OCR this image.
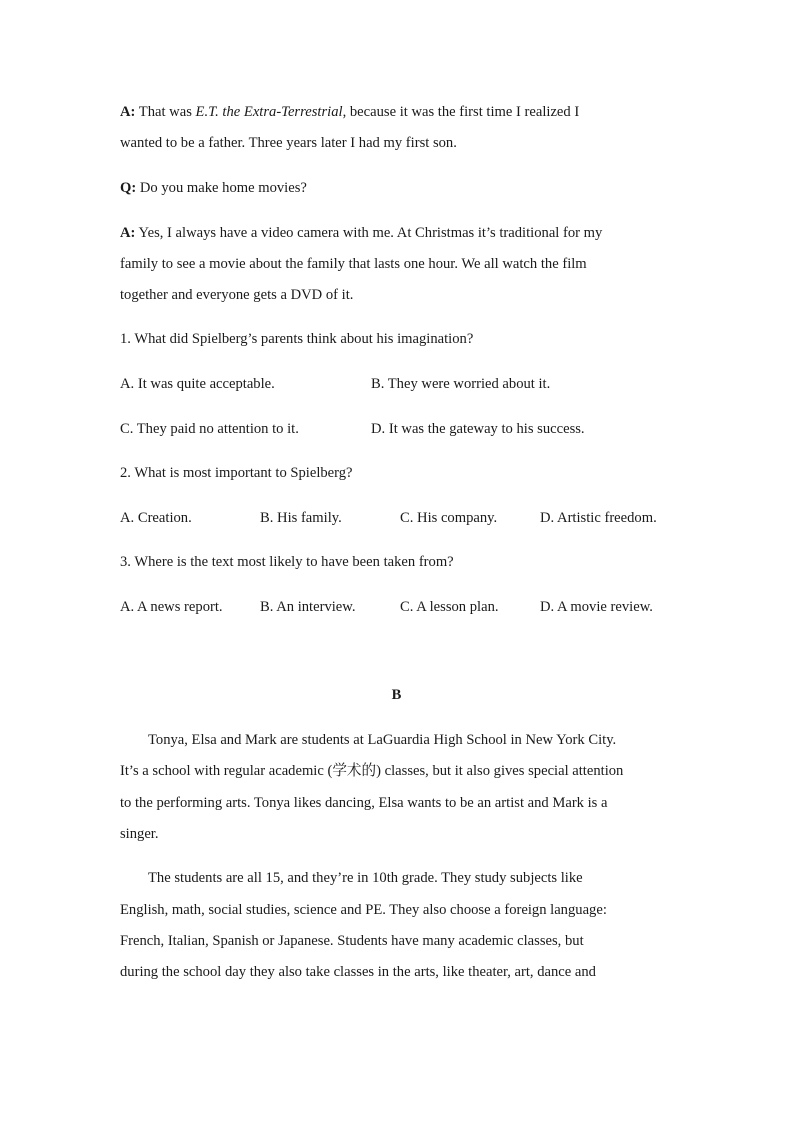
A: That was E.T. the Extra-Terrestrial, because it was the first time I realized I
wanted to be a father. Three years later I had my first son.
Q: Do you make home movies?
A: Yes, I always have a video camera with me. At Christmas it’s traditional for my
family to see a movie about the family that lasts one hour. We all watch the film
together and everyone gets a DVD of it.
1. What did Spielberg’s parents think about his imagination?
A. It was quite acceptable.	B. They were worried about it.
C. They paid no attention to it.	D. It was the gateway to his success.
2. What is most important to Spielberg?
A. Creation.	B. His family.	C. His company.	D. Artistic freedom.
3. Where is the text most likely to have been taken from?
A. A news report.	B. An interview.	C. A lesson plan.	D. A movie review.
B
Tonya, Elsa and Mark are students at LaGuardia High School in New York City.
It’s a school with regular academic (学术的) classes, but it also gives special attention
to the performing arts. Tonya likes dancing, Elsa wants to be an artist and Mark is a
singer.
The students are all 15, and they’re in 10th grade. They study subjects like
English, math, social studies, science and PE. They also choose a foreign language:
French, Italian, Spanish or Japanese. Students have many academic classes, but
during the school day they also take classes in the arts, like theater, art, dance and
